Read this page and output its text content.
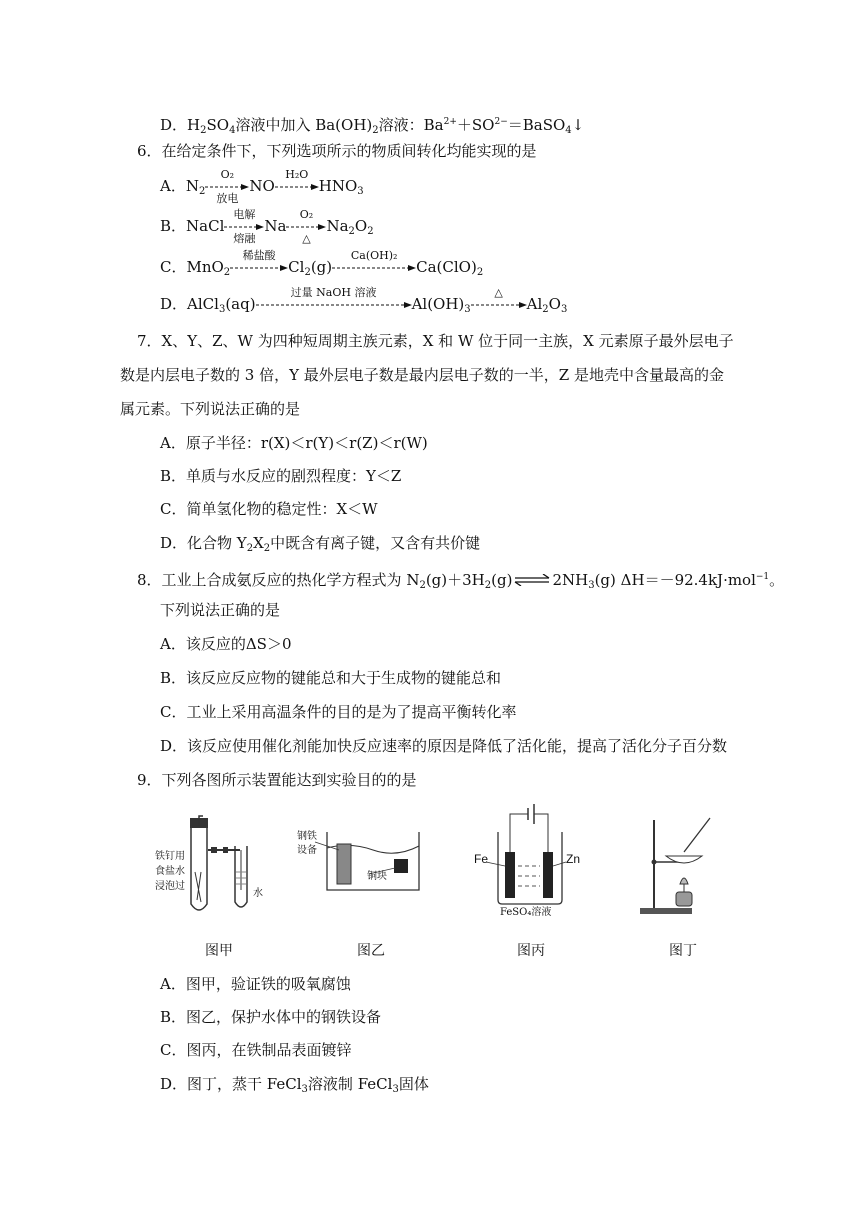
D．$H_2SO_4$溶液中加入 $Ba(OH)_2$溶液：$Ba^{2+}+SO^{2-}=BaSO_4↓$
6．在给定条件下，下列选项所示的物质间转化均能实现的是
A．$N_2$
O₂
放电
NO
H₂O
$HNO_3$
B．NaCl
电解
熔融
Na
O₂
△
$Na_2O_2$
C．MnO$_2$
稀盐酸
$Cl_2(g)$
Ca(OH)₂
$Ca(ClO)_2$
D．AlCl$_3$(aq)
过量 NaOH 溶液
$Al(OH)_3$
△
$Al_2O_3$
7．X、Y、Z、W 为四种短周期主族元素，X 和 W 位于同一主族，X 元素原子最外层电子
数是内层电子数的 3 倍，Y 最外层电子数是最内层电子数的一半，Z 是地壳中含量最高的金
属元素。下列说法正确的是
A．原子半径：r(X)＜r(Y)＜r(Z)＜r(W)
B．单质与水反应的剧烈程度：Y＜Z
C．简单氢化物的稳定性：X＜W
D．化合物 $Y_2X_2$中既含有离子键，又含有共价键
8．工业上合成氨反应的热化学方程式为 $N_2(g)+3H_2(g)$ ⇌ $2NH_3(g)$ ΔH＝－92.4kJ·mol$^{-1}$。
下列说法正确的是
A．该反应的ΔS＞0
B．该反应反应物的键能总和大于生成物的键能总和
C．工业上采用高温条件的目的是为了提高平衡转化率
D．该反应使用催化剂能加快反应速率的原因是降低了活化能，提高了活化分子百分数
9．下列各图所示装置能达到实验目的的是
铁钉用
食盐水
浸泡过
水
图甲
钢铁
设备
铜块
图乙
Fe	Zn
FeSO₄溶液
图丙	图丁
A．图甲，验证铁的吸氧腐蚀
B．图乙，保护水体中的钢铁设备
C．图丙，在铁制品表面镀锌
D．图丁，蒸干 FeCl$_3$溶液制 FeCl$_3$固体
